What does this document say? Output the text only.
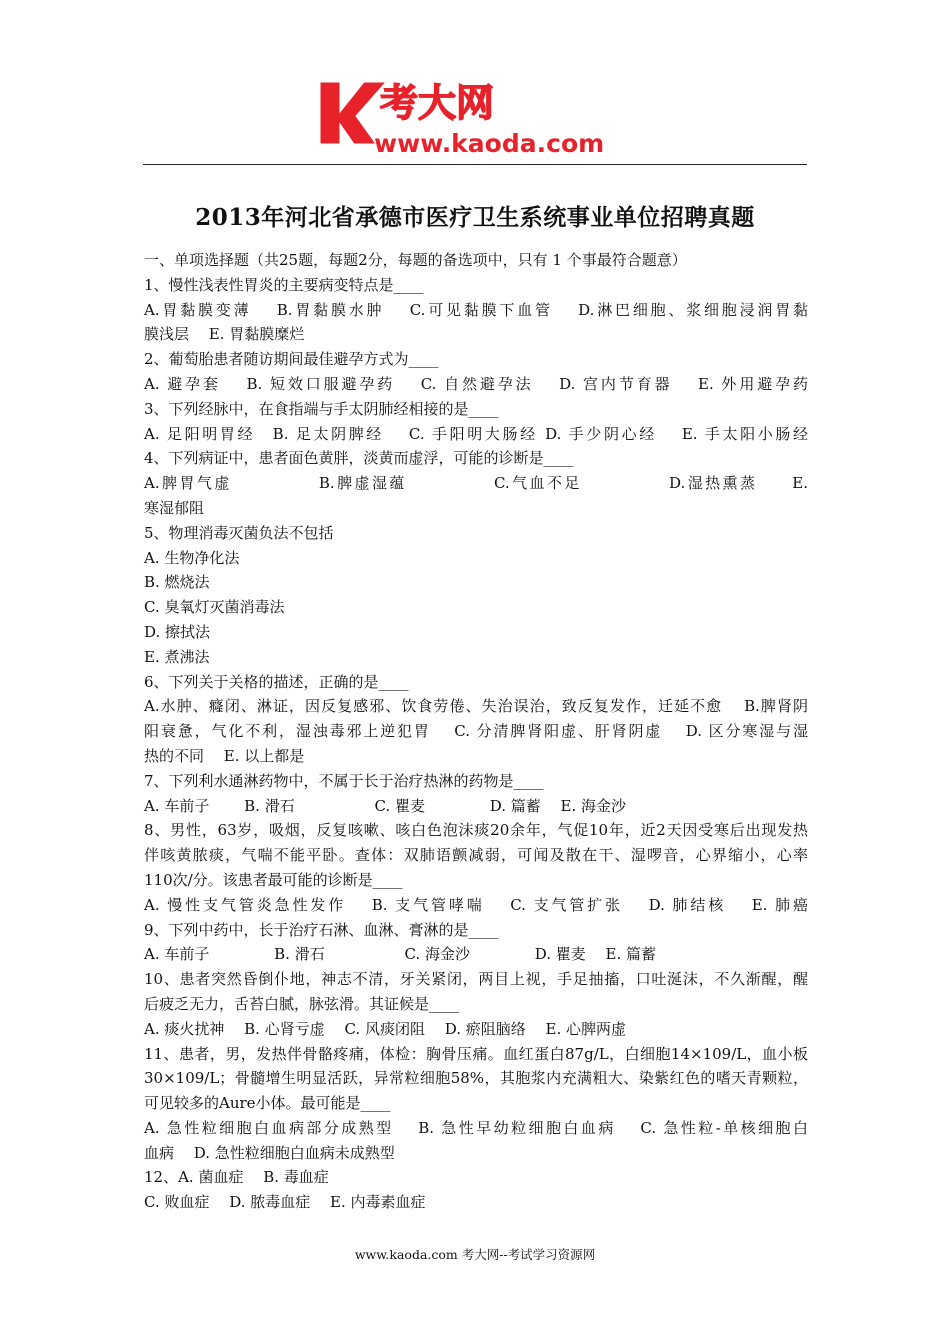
考大网
www.kaoda.com
2013年河北省承德市医疗卫生系统事业单位招聘真题
一、单项选择题（共25题，每题2分，每题的备选项中，只有 1 个事最符合题意）
1、慢性浅表性胃炎的主要病变特点是____
A.胃黏膜变薄　 B.胃黏膜水肿　 C.可见黏膜下血管　 D.淋巴细胞、浆细胞浸润胃黏
膜浅层　 E. 胃黏膜糜烂
2、葡萄胎患者随访期间最佳避孕方式为____
A. 避孕套　 B. 短效口服避孕药　 C. 自然避孕法　 D. 宫内节育器　 E. 外用避孕药
3、下列经脉中，在食指端与手太阴肺经相接的是____
A. 足阳明胃经　B. 足太阴脾经　 C. 手阳明大肠经 D. 手少阴心经　 E. 手太阳小肠经
4、下列病证中，患者面色黄胖，淡黄而虚浮，可能的诊断是____
A.脾胃气虚　　　　　B.脾虚湿蕴　　　　　C.气血不足　　　　　D.湿热熏蒸　　E.
寒湿郁阻
5、物理消毒灭菌负法不包括
A. 生物净化法
B. 燃烧法
C. 臭氧灯灭菌消毒法
D. 擦拭法
E. 煮沸法
6、下列关于关格的描述，正确的是____
A.水肿、癃闭、淋证，因反复感邪、饮食劳倦、失治误治，致反复发作，迁延不愈　 B.脾肾阴
阳衰惫，气化不利，湿浊毒邪上逆犯胃　 C. 分清脾肾阳虚、肝肾阴虚　 D. 区分寒湿与湿
热的不同　 E. 以上都是
7、下列利水通淋药物中，不属于长于治疗热淋的药物是____
A. 车前子　　 B. 滑石　　　　　 C. 瞿麦　　　　 D. 篇蓄　 E. 海金沙
8、男性，63岁，吸烟，反复咳嗽、咳白色泡沫痰20余年，气促10年，近2天因受寒后出现发热
伴咳黄脓痰，气喘不能平卧。查体：双肺语颤减弱，可闻及散在干、湿啰音，心界缩小，心率
110次/分。该患者最可能的诊断是____
A. 慢性支气管炎急性发作　 B. 支气管哮喘　 C. 支气管扩张　 D. 肺结核　 E. 肺癌
9、下列中药中，长于治疗石淋、血淋、膏淋的是____
A. 车前子　　　　 B. 滑石　　　　　 C. 海金沙　　　　 D. 瞿麦　 E. 篇蓄
10、患者突然昏倒仆地，神志不清，牙关紧闭，两目上视，手足抽搐，口吐涎沫，不久渐醒，醒
后疲乏无力，舌苔白腻，脉弦滑。其证候是____
A. 痰火扰神　 B. 心肾亏虚　 C. 风痰闭阻　 D. 瘀阻脑络　 E. 心脾两虚
11、患者，男，发热伴骨骼疼痛，体检：胸骨压痛。血红蛋白87g/L，白细胞14×109/L，血小板
30×109/L；骨髓增生明显活跃，异常粒细胞58%，其胞浆内充满粗大、染紫红色的嗜天青颗粒，
可见较多的Aure小体。最可能是____
A. 急性粒细胞白血病部分成熟型　 B. 急性早幼粒细胞白血病　 C. 急性粒-单核细胞白
血病　 D. 急性粒细胞白血病未成熟型
12、A. 菌血症　 B. 毒血症
C. 败血症　 D. 脓毒血症　 E. 内毒素血症
www.kaoda.com 考大网--考试学习资源网
